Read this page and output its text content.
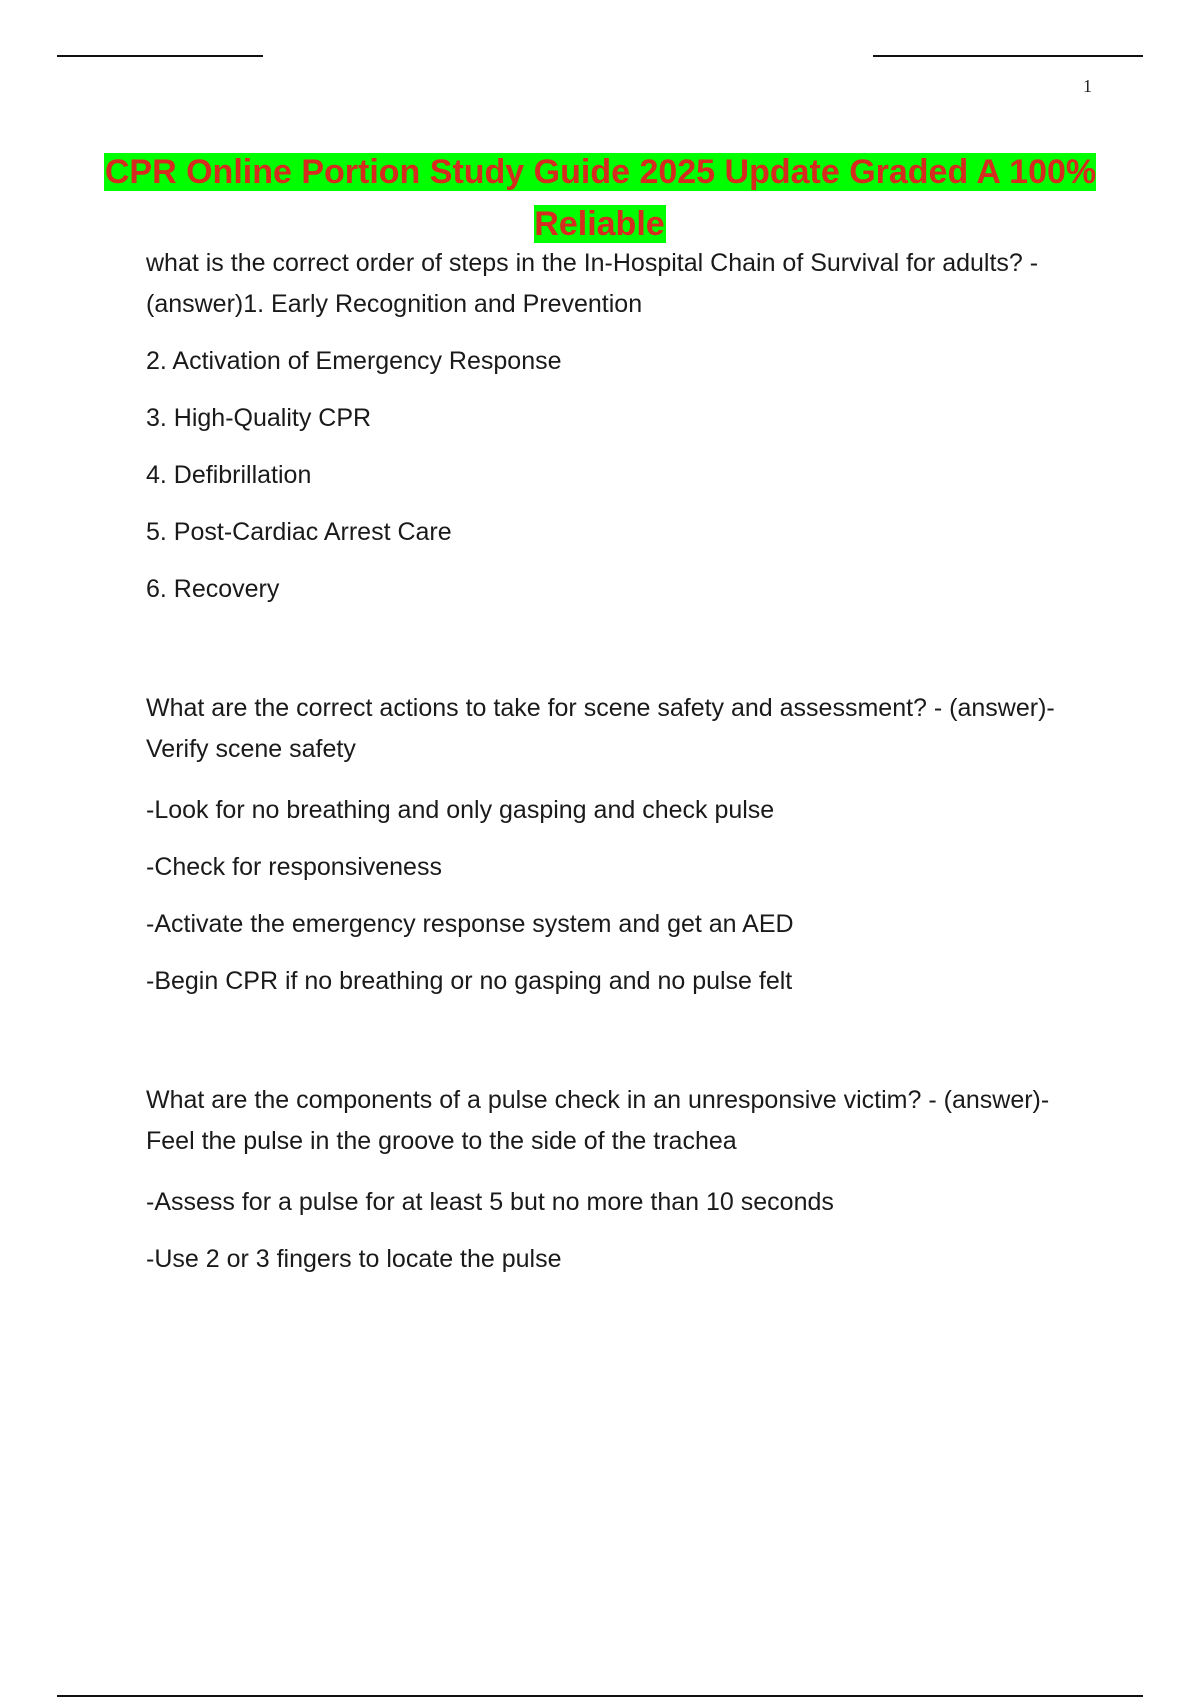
1
CPR Online Portion Study Guide 2025 Update Graded A 100% Reliable

what is the correct order of steps in the In-Hospital Chain of Survival for adults? - (answer)1. Early Recognition and Prevention

2. Activation of Emergency Response

3. High-Quality CPR

4. Defibrillation

5. Post-Cardiac Arrest Care

6. Recovery

What are the correct actions to take for scene safety and assessment? - (answer)-Verify scene safety

-Look for no breathing and only gasping and check pulse

-Check for responsiveness

-Activate the emergency response system and get an AED

-Begin CPR if no breathing or no gasping and no pulse felt

What are the components of a pulse check in an unresponsive victim? - (answer)-Feel the pulse in the groove to the side of the trachea

-Assess for a pulse for at least 5 but no more than 10 seconds

-Use 2 or 3 fingers to locate the pulse
